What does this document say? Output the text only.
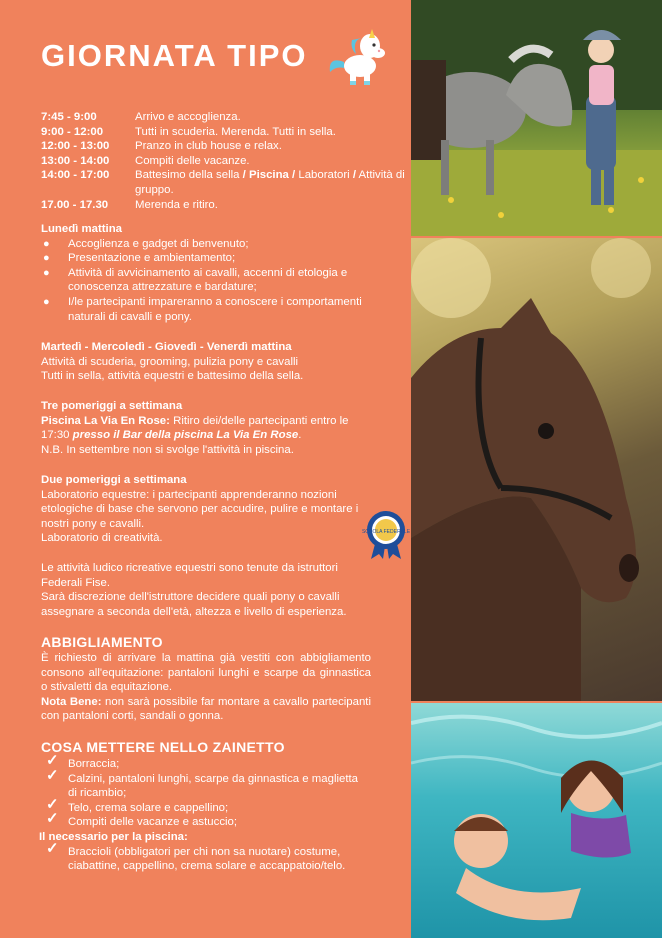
GIORNATA TIPO
7:45 - 9:00	Arrivo e accoglienza.
9:00 - 12:00	Tutti in scuderia. Merenda. Tutti in sella.
12:00 - 13:00	Pranzo in club house e relax.
13:00 - 14:00	Compiti delle vacanze.
14:00 - 17:00	Battesimo della sella / Piscina / Laboratori / Attività di gruppo.
17.00 - 17.30	Merenda e ritiro.
Lunedì mattina
● Accoglienza e gadget di benvenuto;
● Presentazione e ambientamento;
● Attività di avvicinamento ai cavalli, accenni di etologia e conoscenza attrezzature e bardature;
● I/le partecipanti impareranno a conoscere i comportamenti naturali di cavalli e pony.
Martedì - Mercoledì - Giovedì - Venerdì mattina
Attività di scuderia, grooming, pulizia pony e cavalli
Tutti in sella, attività equestri e battesimo della sella.
Tre pomeriggi a settimana
Piscina La Via En Rose: Ritiro dei/delle partecipanti entro le 17:30 presso il Bar della piscina La Via En Rose.
N.B. In settembre non si svolge l'attività in piscina.
Due pomeriggi a settimana
Laboratorio equestre: i partecipanti apprenderanno nozioni etologiche di base che servono per accudire, pulire e montare i nostri pony e cavalli.
Laboratorio di creatività.
SCUOLA FEDERALE
Le attività ludico ricreative equestri sono tenute da istruttori Federali Fise.
Sarà discrezione dell'istruttore decidere quali pony o cavalli assegnare a seconda dell'età, altezza e livello di esperienza.
ABBIGLIAMENTO
È richiesto di arrivare la mattina già vestiti con abbigliamento consono all'equitazione: pantaloni lunghi e scarpe da ginnastica o stivaletti da equitazione.
Nota Bene: non sarà possibile far montare a cavallo partecipanti con pantaloni corti, sandali o gonna.
COSA METTERE NELLO ZAINETTO
✓ Borraccia;
✓ Calzini, pantaloni lunghi, scarpe da ginnastica e maglietta di ricambio;
✓ Telo, crema solare e cappellino;
✓ Compiti delle vacanze e astuccio;
Il necessario per la piscina:
✓ Braccioli (obbligatori per chi non sa nuotare) costume, ciabattine, cappellino, crema solare e accappatoio/telo.
